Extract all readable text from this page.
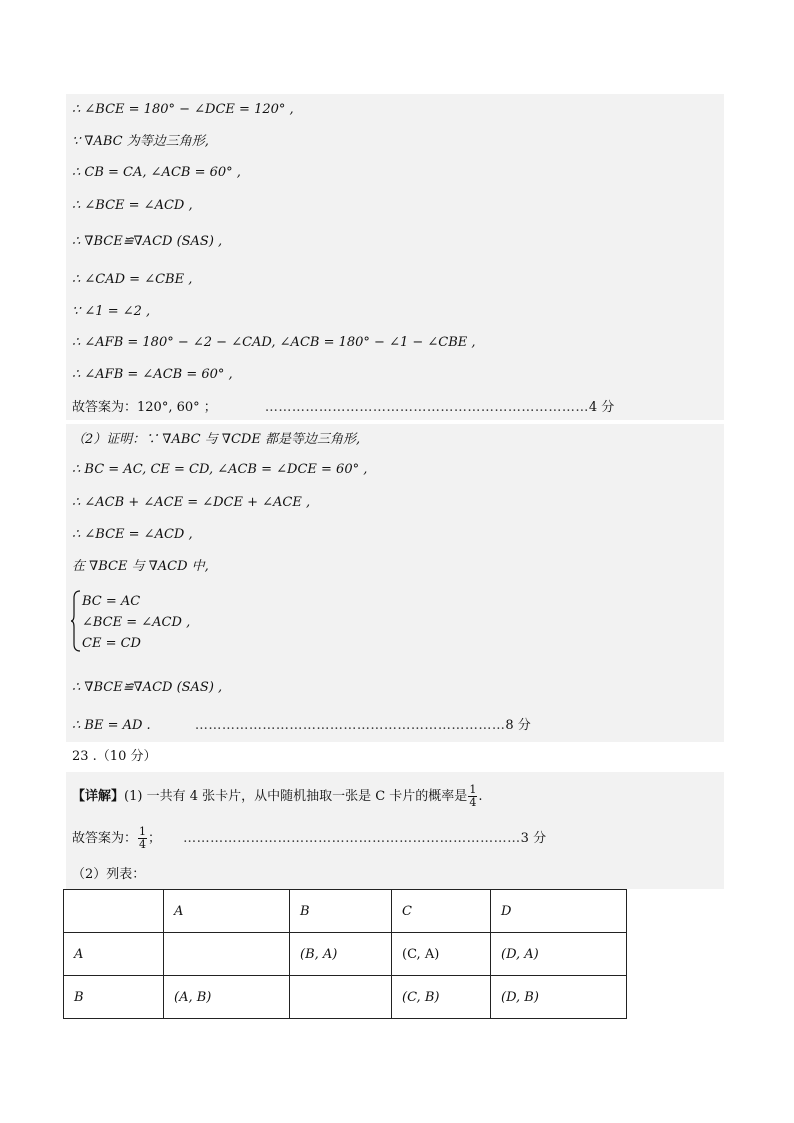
∴ ∠BCE = 180° − ∠DCE = 120° ,
∵ ∇ABC 为等边三角形,
∴ CB = CA, ∠ACB = 60° ,
∴ ∠BCE = ∠ACD ,
∴ ∇BCE≌∇ACD (SAS) ,
∴ ∠CAD = ∠CBE ,
∵ ∠1 = ∠2 ,
∴ ∠AFB = 180° − ∠2 − ∠CAD, ∠ACB = 180° − ∠1 − ∠CBE ,
∴ ∠AFB = ∠ACB = 60° ,
故答案为：120°, 60° ；	………………………………………………………………4 分
（2）证明：∵ ∇ABC 与 ∇CDE 都是等边三角形,
∴ BC = AC, CE = CD, ∠ACB = ∠DCE = 60° ,
∴ ∠ACB + ∠ACE = ∠DCE + ∠ACE ,
∴ ∠BCE = ∠ACD ,
在 ∇BCE 与 ∇ACD 中,
BC = AC
∠BCE = ∠ACD ,
CE = CD
∴ ∇BCE≌∇ACD (SAS) ,
∴ BE = AD .	……………………………………………………………8 分
23 .（10 分）
【详解】(1) 一共有 4 张卡片，从中随机抽取一张是 C 卡片的概率是 $\frac{1}{4}$ .
故答案为： $\frac{1}{4}$ ； …………………………………………………………………3 分
（2）列表：
	A	B	C	D
A		(B, A)	(C, A)	(D, A)
B	(A, B)		(C, B)	(D, B)
